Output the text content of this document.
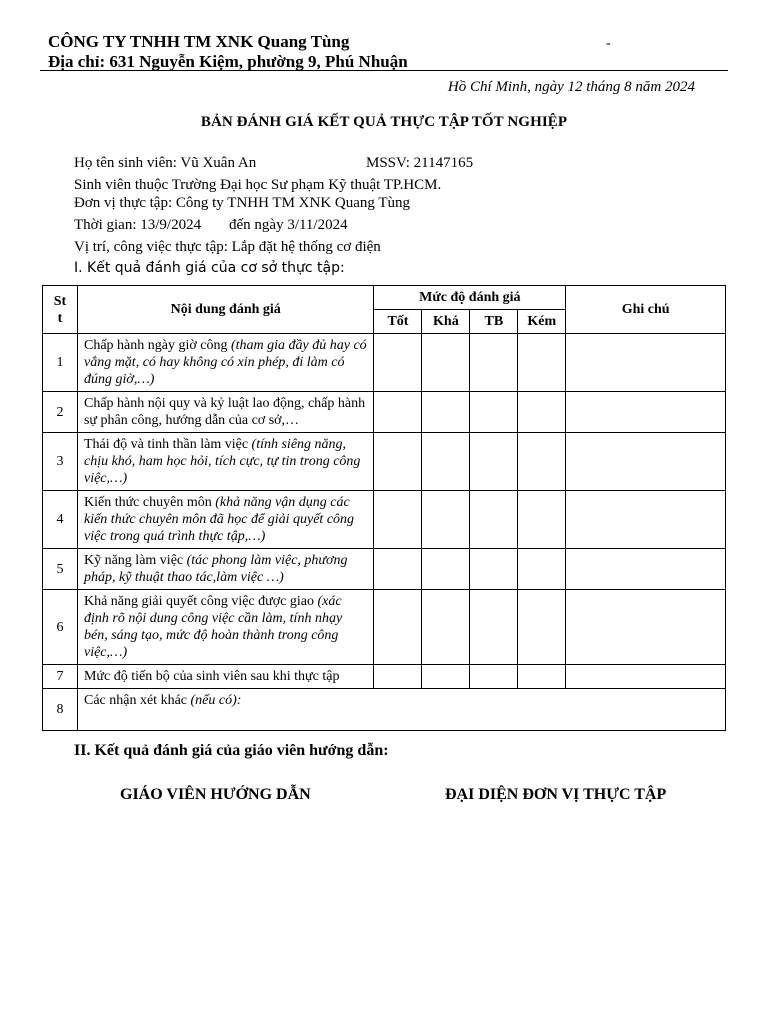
CÔNG TY TNHH TM XNK Quang Tùng
Địa chỉ: 631 Nguyễn Kiệm, phường 9, Phú Nhuận
-
Hồ Chí Minh, ngày 12 tháng 8 năm 2024
BẢN ĐÁNH GIÁ KẾT QUẢ THỰC TẬP TỐT NGHIỆP
Họ tên sinh viên: Vũ Xuân An	MSSV: 21147165
Sinh viên thuộc Trường Đại học Sư phạm Kỹ thuật TP.HCM.
Đơn vị thực tập: Công ty TNHH TM XNK Quang Tùng
Thời gian: 13/9/2024 đến ngày 3/11/2024
Vị trí, công việc thực tập: Lắp đặt hệ thống cơ điện
I. Kết quả đánh giá của cơ sở thực tập:
St t	Nội dung đánh giá	Mức độ đánh giá				Ghi chú
		Tốt	Khá	TB	Kém	
1	Chấp hành ngày giờ công (tham gia đầy đủ hay có vắng mặt, có hay không có xin phép, đi làm có đúng giờ,…)					
2	Chấp hành nội quy và kỷ luật lao động, chấp hành sự phân công, hướng dẫn của cơ sở,…					
3	Thái độ và tinh thần làm việc (tính siêng năng, chịu khó, ham học hỏi, tích cực, tự tin trong công việc,…)					
4	Kiến thức chuyên môn (khả năng vận dụng các kiến thức chuyên môn đã học để giải quyết công việc trong quá trình thực tập,…)					
5	Kỹ năng làm việc (tác phong làm việc, phương pháp, kỹ thuật thao tác,làm việc …)					
6	Khả năng giải quyết công việc được giao (xác định rõ nội dung công việc cần làm, tính nhạy bén, sáng tạo, mức độ hoàn thành trong công việc,…)					
7	Mức độ tiến bộ của sinh viên sau khi thực tập					
8	Các nhận xét khác (nếu có):					
II. Kết quả đánh giá của giáo viên hướng dẫn:
GIÁO VIÊN HƯỚNG DẪN	ĐẠI DIỆN ĐƠN VỊ THỰC TẬP
